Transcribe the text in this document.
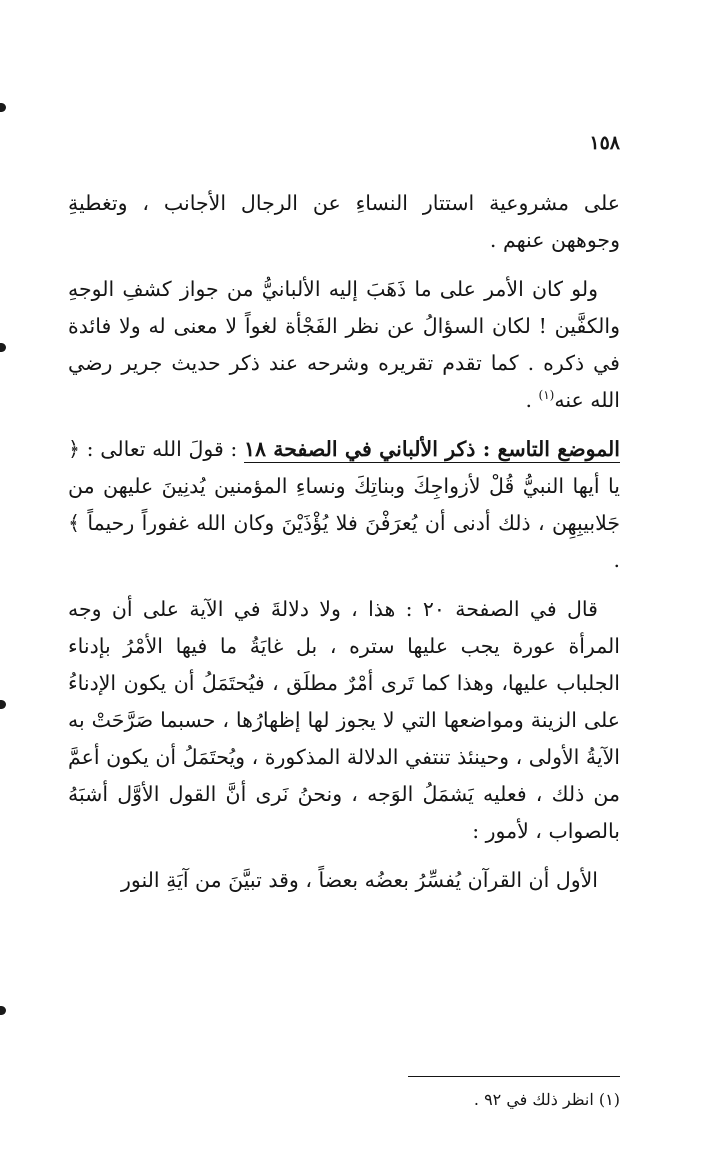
١٥٨

على مشروعية استتار النساءِ عن الرجال الأجانب ، وتغطيةِ وجوههن عنهم .

ولو كان الأمر على ما ذَهَبَ إليه الألبانيُّ من جواز كشفِ الوجهِ والكفَّين ! لكان السؤالُ عن نظر الفَجْأة لغواً لا معنى له ولا فائدة في ذكره . كما تقدم تقريره وشرحه عند ذكر حديث جرير رضي الله عنه$^{(١)}$ .

الموضع التاسع : ذكر الألباني في الصفحة ١٨ : قولَ الله تعالى : ﴿ يا أيها النبيُّ قُلْ لأزواجِكَ وبناتِكَ ونساءِ المؤمنين يُدنِينَ عليهن من جَلابيبِهِن ، ذلك أدنى أن يُعرَفْنَ فلا يُؤْذَيْنَ وكان الله غفوراً رحيماً ﴾ .

قال في الصفحة ٢٠ : هذا ، ولا دلالةَ في الآية على أن وجه المرأة عورة يجب عليها ستره ، بل غايَةُ ما فيها الأمْرُ بإدناء الجلباب عليها، وهذا كما تَرى أمْرٌ مطلَق ، فيُحتَمَلُ أن يكون الإدناءُ على الزينة ومواضعها التي لا يجوز لها إظهارُها ، حسبما صَرَّحَتْ به الآيةُ الأولى ، وحينئذ تنتفي الدلالة المذكورة ، ويُحتَمَلُ أن يكون أعمَّ من ذلك ، فعليه يَشمَلُ الوَجه ، ونحنُ نَرى أنَّ القول الأوَّل أشبَهُ بالصواب ، لأمور :

الأول أن القرآن يُفسِّرُ بعضُه بعضاً ، وقد تبيَّنَ من آيَةِ النور

(١) انظر ذلك في ٩٢ .
